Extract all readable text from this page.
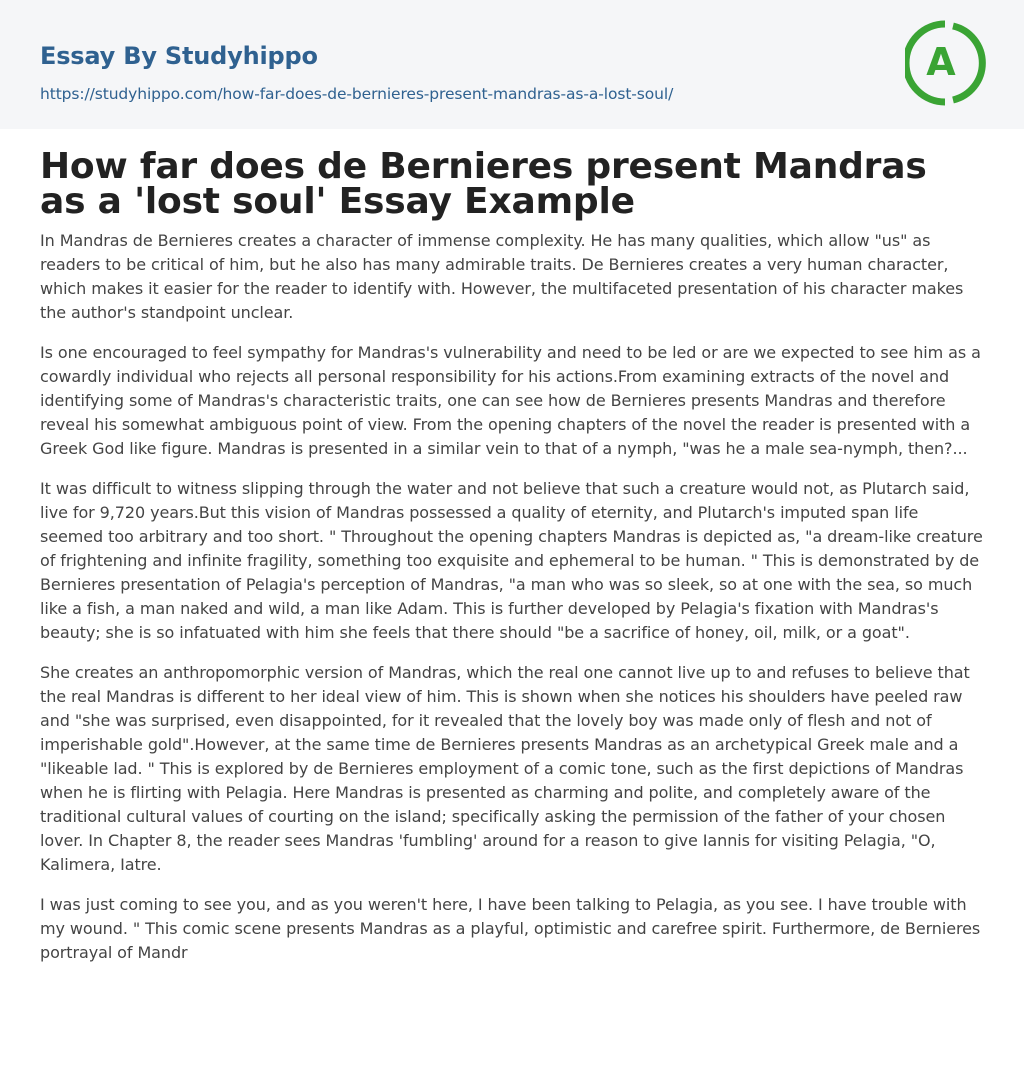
Essay By Studyhippo
https://studyhippo.com/how-far-does-de-bernieres-present-mandras-as-a-lost-soul/
A
How far does de Bernieres present Mandras as a 'lost soul' Essay Example

In Mandras de Bernieres creates a character of immense complexity. He has many qualities, which allow "us" as readers to be critical of him, but he also has many admirable traits. De Bernieres creates a very human character, which makes it easier for the reader to identify with. However, the multifaceted presentation of his character makes the author's standpoint unclear.

Is one encouraged to feel sympathy for Mandras's vulnerability and need to be led or are we expected to see him as a cowardly individual who rejects all personal responsibility for his actions.From examining extracts of the novel and identifying some of Mandras's characteristic traits, one can see how de Bernieres presents Mandras and therefore reveal his somewhat ambiguous point of view. From the opening chapters of the novel the reader is presented with a Greek God like figure. Mandras is presented in a similar vein to that of a nymph, "was he a male sea-nymph, then?...

It was difficult to witness slipping through the water and not believe that such a creature would not, as Plutarch said, live for 9,720 years.But this vision of Mandras possessed a quality of eternity, and Plutarch's imputed span life seemed too arbitrary and too short. " Throughout the opening chapters Mandras is depicted as, "a dream-like creature of frightening and infinite fragility, something too exquisite and ephemeral to be human. " This is demonstrated by de Bernieres presentation of Pelagia's perception of Mandras, "a man who was so sleek, so at one with the sea, so much like a fish, a man naked and wild, a man like Adam. This is further developed by Pelagia's fixation with Mandras's beauty; she is so infatuated with him she feels that there should "be a sacrifice of honey, oil, milk, or a goat".

She creates an anthropomorphic version of Mandras, which the real one cannot live up to and refuses to believe that the real Mandras is different to her ideal view of him. This is shown when she notices his shoulders have peeled raw and "she was surprised, even disappointed, for it revealed that the lovely boy was made only of flesh and not of imperishable gold".However, at the same time de Bernieres presents Mandras as an archetypical Greek male and a "likeable lad. " This is explored by de Bernieres employment of a comic tone, such as the first depictions of Mandras when he is flirting with Pelagia. Here Mandras is presented as charming and polite, and completely aware of the traditional cultural values of courting on the island; specifically asking the permission of the father of your chosen lover. In Chapter 8, the reader sees Mandras 'fumbling' around for a reason to give Iannis for visiting Pelagia, "O, Kalimera, Iatre.

I was just coming to see you, and as you weren't here, I have been talking to Pelagia, as you see. I have trouble with my wound. " This comic scene presents Mandras as a playful, optimistic and carefree spirit. Furthermore, de Bernieres portrayal of Mandr
